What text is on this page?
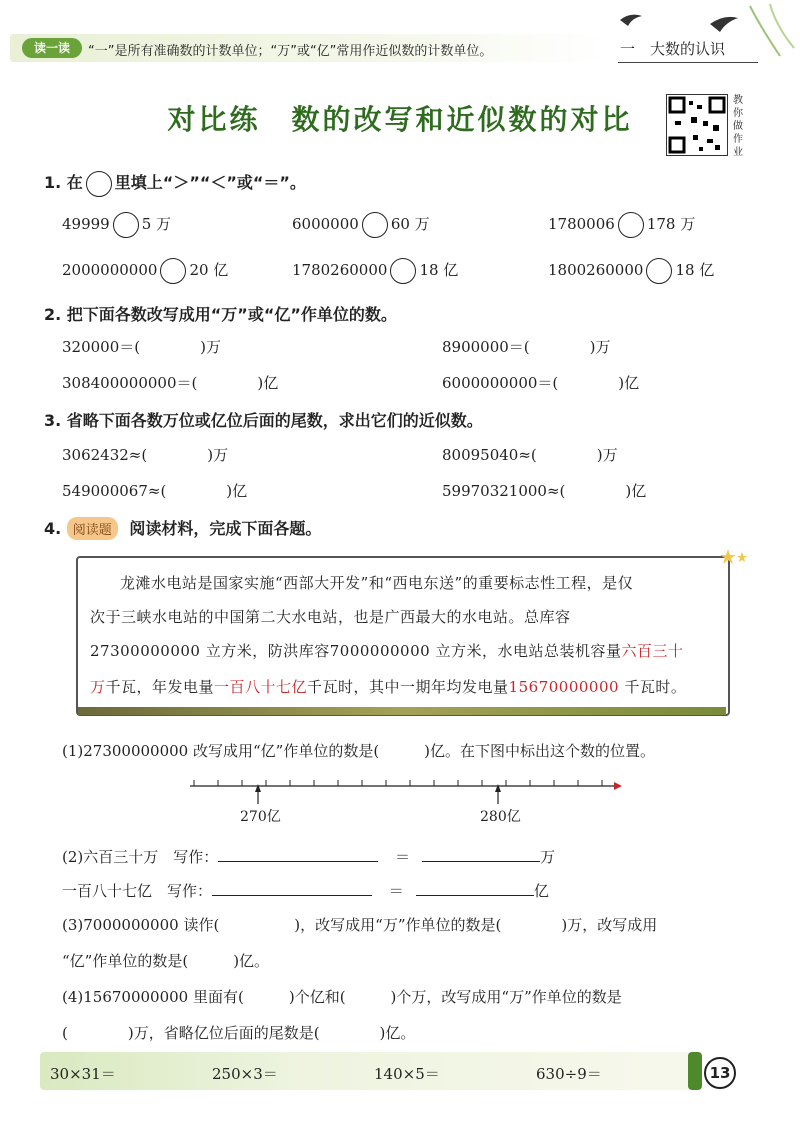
读一读	“一”是所有准确数的计数单位；“万”或“亿”常用作近似数的计数单位。	一　大数的认识
对比练　数的改写和近似数的对比
教
你
做
作
业
1. 在 里填上“＞”“＜”或“＝”。
49999 5 万	6000000 60 万	1780006 178 万
2000000000 20 亿	1780260000 18 亿	1800260000 18 亿
2. 把下面各数改写成用“万”或“亿”作单位的数。
320000＝(　　　　)万	8900000＝(　　　　)万
308400000000＝(　　　　)亿	6000000000＝(　　　　)亿
3. 省略下面各数万位或亿位后面的尾数，求出它们的近似数。
3062432≈(　　　　)万	80095040≈(　　　　)万
549000067≈(　　　　)亿	59970321000≈(　　　　)亿
4. 阅读题 阅读材料，完成下面各题。
龙滩水电站是国家实施“西部大开发”和“西电东送”的重要标志性工程，是仅
次于三峡水电站的中国第二大水电站，也是广西最大的水电站。总库容
27300000000 立方米，防洪库容7000000000 立方米，水电站总装机容量六百三十
万千瓦，年发电量一百八十七亿千瓦时，其中一期年均发电量15670000000 千瓦时。
(1)27300000000 改写成用“亿”作单位的数是(　　　)亿。在下图中标出这个数的位置。
270亿	280亿
(2)六百三十万　写作：	＝	万
一百八十七亿　写作：	＝	亿
(3)7000000000 读作(　　　　　)，改写成用“万”作单位的数是(　　　　)万，改写成用
“亿”作单位的数是(　　　)亿。
(4)15670000000 里面有(　　　)个亿和(　　　)个万，改写成用“万”作单位的数是
(　　　　)万，省略亿位后面的尾数是(　　　　)亿。
30×31＝	250×3＝	140×5＝	630÷9＝	13
